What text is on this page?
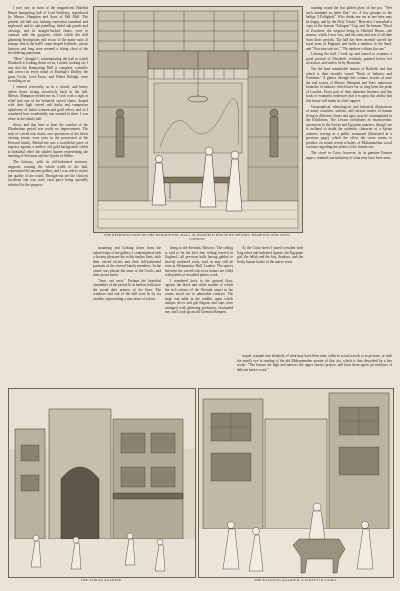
I now saw in front of the magnificent Hatfield House banqueting hall of Lord Salisbury, reproduced by Messrs. Hampton and Sons of Pall Mall. The present old hall was looking somewhat tarnished and neglected, and its oak panelling, faded oak panels and carvings, and its straight-backed chairs, were in contrast with the gorgeous whole which the dull gleaming breastplates and visors of the many suits of armour which the hall's stone-shaped halberds, whose lustrous and long stare seemed a fitting close of the bewildering panorama.

"Here," thought I, contemplating the hall in which Elizabeth is looking down on us, I noted, looking on, I saw that the Banqueting Hall is complete, scientific and correct in every detail of Burleigh's Dudley, the great Cecils, Lord Essex, and Walter Raleigh, were crowding on us.

I entered reverently, as in a church, and heavy oaken doors swung noiselessly back in the hall. Messrs. Hampton invited me in. I took with a sigh of relief into one of the beautiful carved chairs, draped with their high carved oak backs and sumptuous upholstery of faded crimson and gold velvet, and so I wandered how wonderfully one seemed to there. I was alone in the stately hall.

down, and that here at least the comfort of the Elizabethan period was really no improvement. The rush of carved oak chairs, rare specimens of the finest carving extant, were once in the possession of the Howard family. Behind me was a wonderful piece of tapestry against a mellow old gold background which in beautiful relief the shaded figures representing the meeting of Solomon and the Queen of Sheba.

The balcony, with its old-fashioned staircase, supports, running the whole width of the hall, represented the ancient gallery, and I was told to notice the quality of the wood. Through-out are the choicest Jacobean oak was used, each piece being specially selected for the purpose.

THE REPRODUCTION OF THE BANQUETING HALL AT HATFIELD HOUSE BY MESSRS. HAMPTON AND SONS, LONDON

running round the flat gilded glory of the pot. "Wer auch annimmt zu jeder Zeit," etc. A few groupes to die heilige 3 Faltigkeit." Who drinks me out at one time may be happy, and by the Holy Trinity." Here also I remarked a copy of the famous "Eslingen" Cup, and the famous "Bowl of Zouchers, the original being in Hatfield House—the armour, which I now saw, and the arms and sets of all date from those periods. The hall has been recently carved the royal arms of England, and holds a rainbow in her hand, and "Non sine sole iris." "No rainbow without the sun."

Leaving the hall, I took up and turned to examine a good portrait of Elizabeth, evidently painted before her accession, and said to be by Bronzino.

Not the least remarkable feature of Hatfield, and that which is their recently issued "Book of Industry and Furniture." A glance through this volume reveals at once the real source of Messrs. Hampton and Sons' numerous branches of industry which have for so long been the pride of London. Every part of their immense business and this book of examples evidences that it is upon this ability that this house will retain its chief support.

Geographical, ethnological, and historical illustrations of many countries, nations, and various modes of human living in different climes and ages, may be contemplated in the Exhibition. The Levant contributes its characteristic specimens in the Syrian and Egyptian quarters, though one is inclined to doubt the authentic character of a Syrian waitress serving at a public restaurant (illustrated in a previous page), which the effect the scene seems to produce on sound recent scholars of Mohammedan social customs regarding the affairs of the female sex.

The street in Cairo, however, in its genuine Eastern aspect, reminds one infinitely of what may have been seen.

mounting and looking down from the oaken ledge of the gallery, I contemplated with a dreamy pleasure the richly timber lines, with their carved niches and their full-fashioned portraits of the several family members. In the centre was placed the arms of the Cecils, and their proud motto.

"Sero, sed serio." Perhaps the beautiful chandelier of the period lit in mellow brilliance the proud dark armour of the lines. The windows and oak of the hall were lit by six candles, representing a true sense of colour.

being in the Kremlin, Moscow. The ceiling is said to be the first fine ceiling erected in England—all previous halls having gabled or heavily timbered roofs, such as may still be seen in Westminster Hall, London. The spaces between the carved oak-cross beams are filled with panels of moulded plaster work.

I wandered back to the ground floor, against the black and white marble of which the rich colours of the Oriental carpet in the centre stood out in admirable contrast. The large oak table in the middle, upon which antique silver and gilt flagons and cups were arranged with glittering profusion, fascinated me, and I took up an old German Humpen.

sequel, reminds one infinitely of what may have been seen, either in actual travels or in pictures, or with the mind's eye in reading of the old Mohammedan quarter of that city, which is thus described by a late writer: "The houses are high and narrow; the upper storeys project, and from them again jut windows of delicate lattice-work."

At the Cairo street I noted crowded with long robes and turbaned figures, the Egyptian girl, the fellah and the boy, donkeys, and the lively bazaar bustle of the native town.

THE SYRIAN QUARTER	THE EGYPTIAN QUARTER: A STREET IN CAIRO
